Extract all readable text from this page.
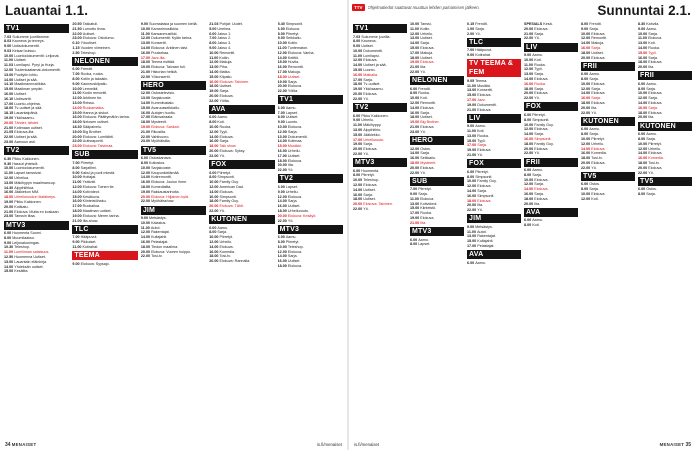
Lauantai 1.1.
TV1
7.03 Sukumme juuriltamme.
8.03 Kauneus ja terveys.
9.00 Uutisdokumentti.
9.03 Keisari kutsuu.
10.00 Luontodokumentti: Leijonat.
11.00 Uutiset.
11.03 Lumilapsi. Pyryi ja Hurja.
12.00 Tuulenkaatamat-dokumentti.
13.00 Puoliyön lohtu.
14.00 Uutiset ja sää.
14.10 Maailmanmusiikkia.
15.00 Maailman ympäri.
16.00 Uutiset.
16.10 Uutisvartti.
17.00 Luonto-ohjelma.
18.00 Tv-uutiset ja sää.
18.15 Lauantaipäivä.
19.00 Ykkösaamu.
20.00 Tähdet, tähdet.
21.00 Kotimaan uutiset.
21.05 Elokuva-ilta.
22.00 Uutiset ja sää.
23.00 Aamuun asti.
TV2
6.30 Pikku Kakkonen.
9.30 Hassut yhteisöt.
10.00 Luontodokumentti.
11.00 Lapset tanssivat.
12.00 Urheilua.
13.00 Mäkihypyn maailmancup.
14.30 Alppihiihtoa.
16.00 Jääkiekon MM.
18.00 Urheiluruudun iltalähetys.
19.00 Pikku Kakkonen.
20.00 Kotikatu.
21.00 Elokuva: Mutta en koskaan.
23.00 Tanssin iltaa.
MTV3
6.00 Huomenta Suomi.
8.00 Muumilaakso.
9.00 Leijonakuningas.
10.30 Teleshop.
11.00 Lumilinnan salaisuus.
12.50 Huomenna Uutiset.
13.00 Lauantain eläinkirja.
14.00 Yhdeksän uutiset.
15.00 Kesäilta.
20.50 Takkatuli.
21.50 Lumottu linna.
22.00 Uutiset.
23.00 Elokuva: Ostolumo.
0.10 Yöuutiset.
1.15 Vuoden viimeinen.
2.50 Teleshop.
NELONEN
6.00 Frendit.
7.00 Ruoka, ruoka.
8.00 Kotiin ja takaisin.
9.00 Kauneuskilpailu.
10.00 Lemmikit.
11.00 Kodin remontti.
12.00 Arktinen tie.
13.00 Reissu.
14.00 Ruokamatka.
15.00 Hanna ja siskot.
16.00 Elokuva: Päättymätön tarina.
18.00 Nelosen uutiset.
18.30 Sääpalvelu.
19.00 Big Brother.
20.00 Elokuva: Lumitähti.
22.00 Uutisraportti.
23.00 Elokuva: Talvimaa.
SUB
7.00 Piirretyt.
8.00 Sarjafilmi.
9.00 Kaksi ja puoli miestä.
10.00 Hoitajat.
11.00 Ystävät.
12.00 Elokuva: Toinen tie.
14.00 Kotivideot.
15.00 Kesäkuva.
16.00 Kiinteistöhaku.
17.00 Ruokailoa.
18.00 Maailman uutiset.
19.00 Elokuva: Meren tarina.
21.00 Ilta-show.
TLC
7.00 Hääpuvut.
9.00 Pikkuiset.
11.00 Kotirahat.
TEEMA
9.00 Elokuva: Syysajo.
9.00 Suomalaisia ja suomen kieliä.
10.00 Kamarimusiikkia.
11.00 Kansanmusiikki.
12.00 Dokumentti: Kylän tarina.
13.00 Konsertti.
14.00 Elokuva: Arktinen talvi.
16.00 Puutarhaa.
17.00 Jazz-ilta.
18.00 Teema esittää.
19.00 Elokuva: Taivaan tuli.
21.00 Historian hetkiä.
22.00 Yökonsertti.
HERO
12.00 Ostostelevisio.
13.00 Sarjakooste.
14.00 Kummitustalo.
15.00 Avaruusseikkailu.
16.00 Autojen huolto.
17.00 Eläinsairaala.
18.00 Mysteerit.
19.00 Elokuva: Sankari.
21.00 Rikosilta.
22.00 Vahtivuoro.
23.00 Myöhäisilta.
TV5
6.00 Ostoskanava.
8.00 Kotiostos.
10.00 Sarjakooste.
12.00 Kaupunkielämää.
14.00 Kotiremontti.
16.00 Elokuva: Joulun ihme.
18.00 Komediailta.
19.00 Rakkaustarinoita.
20.00 Elokuva: Hiljainen kylä.
22.00 Myöhäisshow.
JIM
9.00 Metsästys.
10.00 Kalastus.
11.00 Autot.
12.00 Rakentajat.
14.00 Kultajahti.
16.00 Pelastajat.
18.00 Tiedon maailma.
20.00 Elokuva: Vuoren huippu.
22.00 Tosi-tv.
21.03 Pohjat: Uudet.
5.00 Unelma.
6.00 Jakso 1.
7.00 Jakso 2.
8.00 Jakso 3.
9.00 Jakso 4.
10.00 Remontti.
11.00 Kotiin.
12.00 Makuja.
13.00 Piha.
14.00 Matka.
15.00 Kilpailu.
16.00 Elokuva: Talvinen.
18.00 Uutiset.
19.00 Sarja.
20.00 Elokuva.
22.00 Yöilta.
AVA
6.00 Aamu.
8.00 Koti.
10.00 Ruoka.
12.00 Tyyli.
14.00 Elokuva.
16.00 Sarja.
18.00 Talk show.
20.00 Elokuva: Syksy.
22.00 Yö.
FOX
6.00 Piirretyt.
8.00 Simpsonit.
10.00 Family Guy.
12.00 American Dad.
14.00 Elokuva.
16.00 Simpsonit.
18.00 Family Guy.
20.00 Elokuva: Tähti.
22.00 Yö.
KUTONEN
6.00 Aamu.
8.00 Sarja.
10.00 Piirretyt.
12.00 Urheilu.
14.00 Elokuva.
16.00 Komedia.
18.00 Tosi-tv.
20.00 Elokuva: Rannalla.
5.40 Simpsonit.
6.00 Elokuva.
8.00 Piirretyt.
9.00 Seikkailu.
10.00 Kotiin.
11.00 Tuntematon.
12.00 Elokuva: Vanha.
14.00 Keittiö.
15.00 Huvila.
16.00 Remontti.
17.00 Makuja.
18.00 Uutiset.
19.00 Sarja.
20.00 Elokuva.
22.00 Yöilta.
TV1
6.00 Aamu.
7.00 Lapset.
8.00 Uutiset.
9.00 Luonto.
10.00 Elokuva.
12.00 Sarja.
13.00 Dokumentti.
14.00 Kotimaa.
15.00 Musiikki.
16.00 Urheilu.
17.00 Uutiset.
18.00 Elokuva.
20.00 Ilta.
22.00 Yö.
TV2
6.00 Lapset.
9.00 Urheilu.
12.00 Elokuva.
14.00 Sarja.
16.00 Uutiset.
18.00 Urheiluruutu.
20.00 Elokuva: Kesäyö.
22.00 Yö.
MTV3
6.00 Aamu.
8.00 Piirretyt.
10.00 Teleshop.
12.00 Elokuva.
14.00 Sarja.
16.00 Uutiset.
18.00 Elokuva.
34 MENAISET	is.fi/menaiset
TTV	Ohjelmatiedot saattavat muuttua lehden painamisen jälkeen.	Sunnuntai 2.1.
TV1
7.03 Sukumme juurilla.
8.00 Kauneus.
9.00 Uutiset.
10.00 Dokumentti.
11.00 Lumilapsi.
12.00 Elokuva.
14.00 Uutiset ja sää.
15.00 Luonto.
16.00 Matkalla.
17.00 Sarja.
18.00 Tv-uutiset.
19.00 Ykkösaamu.
20.00 Elokuva.
22.00 Yö.
TV2
6.00 Pikku Kakkonen.
9.00 Urheilu.
11.00 Mäkihyppy.
13.00 Alppihiihto.
15.00 Jääkiekko.
17.00 Urheiluruutu.
19.00 Sarja.
20.00 Elokuva.
22.00 Yö.
MTV3
6.00 Huomenta.
8.00 Piirretyt.
10.00 Teleshop.
12.00 Elokuva.
14.00 Uutiset.
16.00 Sarja.
18.00 Uutiset.
20.00 Elokuva: Talvinen.
22.00 Yö.
10.00 Tanssi.
11.00 Kotiin.
12.00 Urheilu.
13.00 Uutiset.
14.00 Sarja.
15.00 Elokuva.
17.00 Makuja.
18.00 Uutiset.
19.00 Elokuva.
21.00 Ilta.
22.00 Yö.
NELONEN
6.00 Frendit.
8.00 Ruoka.
10.00 Koti.
12.00 Remontti.
14.00 Elokuva.
16.00 Sarja.
18.00 Uutiset.
19.00 Big Brother.
21.00 Elokuva.
23.00 Yö.
HERO
12.00 Ostos.
14.00 Sarja.
16.00 Seikkailu.
18.00 Mysteerit.
20.00 Elokuva.
22.00 Yö.
SUB
7.00 Piirretyt.
9.00 Sarja.
11.00 Elokuva.
13.00 Kotivideot.
15.00 Kiinteistö.
17.00 Ruoka.
19.00 Elokuva.
21.00 Ilta.
MTV3
6.00 Aamu.
8.00 Lapset.
0.15 Frendit.
1.00 Sarja.
2.00 Yö.
TLC
7.00 Hääpuvut.
9.00 Kotirahat.
TV TEEMA & FEM
9.05 Teema.
11.00 Musiikki.
13.00 Konsertti.
15.00 Elokuva.
17.00 Jazz.
19.00 Dokumentti.
21.00 Elokuva.
LIV
9.00 Aamu.
11.00 Koti.
13.00 Ruoka.
15.00 Tyyli.
17.00 Sarja.
19.00 Elokuva.
21.00 Yö.
FOX
6.00 Piirretyt.
8.00 Simpsonit.
10.00 Family Guy.
12.00 Elokuva.
14.00 Sarja.
16.00 Simpsonit.
18.00 Elokuva.
20.00 Ilta.
22.00 Yö.
JIM
9.00 Metsästys.
11.00 Autot.
13.00 Rakentajat.
15.00 Kultajahti.
17.00 Pelastajat.
AVA
6.00 Aamu.
SPESIALS Kesä.
20.00 Elokuva.
21.00 Sarja.
22.00 Yö.
LIV
9.00 Aamu.
10.00 Koti.
11.00 Ruoka.
12.00 Tyyli.
13.00 Sarja.
14.00 Elokuva.
16.00 Ruoka.
18.00 Sarja.
20.00 Elokuva.
22.00 Yö.
FOX
6.00 Piirretyt.
8.00 Simpsonit.
10.00 Family Guy.
12.00 Elokuva.
14.00 Sarja.
16.00 Simpsonit.
18.00 Family Guy.
20.00 Elokuva.
22.00 Yö.
FRII
6.00 Aamu.
8.00 Sarja.
10.00 Elokuva.
12.00 Sarja.
14.00 Elokuva.
16.00 Sarja.
18.00 Elokuva.
20.00 Ilta.
AVA
6.00 Aamu.
8.00 Koti.
8.00 Frendit.
9.00 Sarja.
10.00 Elokuva.
12.00 Remontti.
14.00 Makuja.
16.00 Sarja.
18.00 Uutiset.
20.00 Elokuva.
FRII
6.00 Aamu.
8.00 Sarja.
10.00 Elokuva.
12.00 Sarja.
14.00 Elokuva.
16.00 Sarja.
18.00 Elokuva.
20.00 Ilta.
22.00 Yö.
KUTONEN
6.00 Aamu.
8.00 Sarja.
10.00 Piirretyt.
12.00 Urheilu.
14.00 Elokuva.
16.00 Komedia.
18.00 Tosi-tv.
20.00 Elokuva.
22.00 Yö.
TV5
6.00 Ostos.
8.00 Sarja.
10.00 Elokuva.
12.00 Koti.
8.30 Kahvila.
9.00 Aamu.
10.00 Sarja.
11.00 Elokuva.
13.00 Koti.
14.00 Ruoka.
15.00 Tyyli.
16.00 Sarja.
18.00 Elokuva.
20.00 Ilta.
FRII
6.00 Aamu.
8.00 Sarja.
10.00 Elokuva.
12.00 Sarja.
14.00 Elokuva.
16.00 Sarja.
18.00 Elokuva.
20.00 Ilta.
KUTONEN
6.00 Aamu.
8.00 Sarja.
10.00 Piirretyt.
12.00 Urheilu.
14.00 Elokuva.
16.00 Komedia.
18.00 Tosi-tv.
20.00 Elokuva.
22.00 Yö.
TV5
6.00 Ostos.
8.00 Sarja.
is.fi/menaiset	MENAISET 35
